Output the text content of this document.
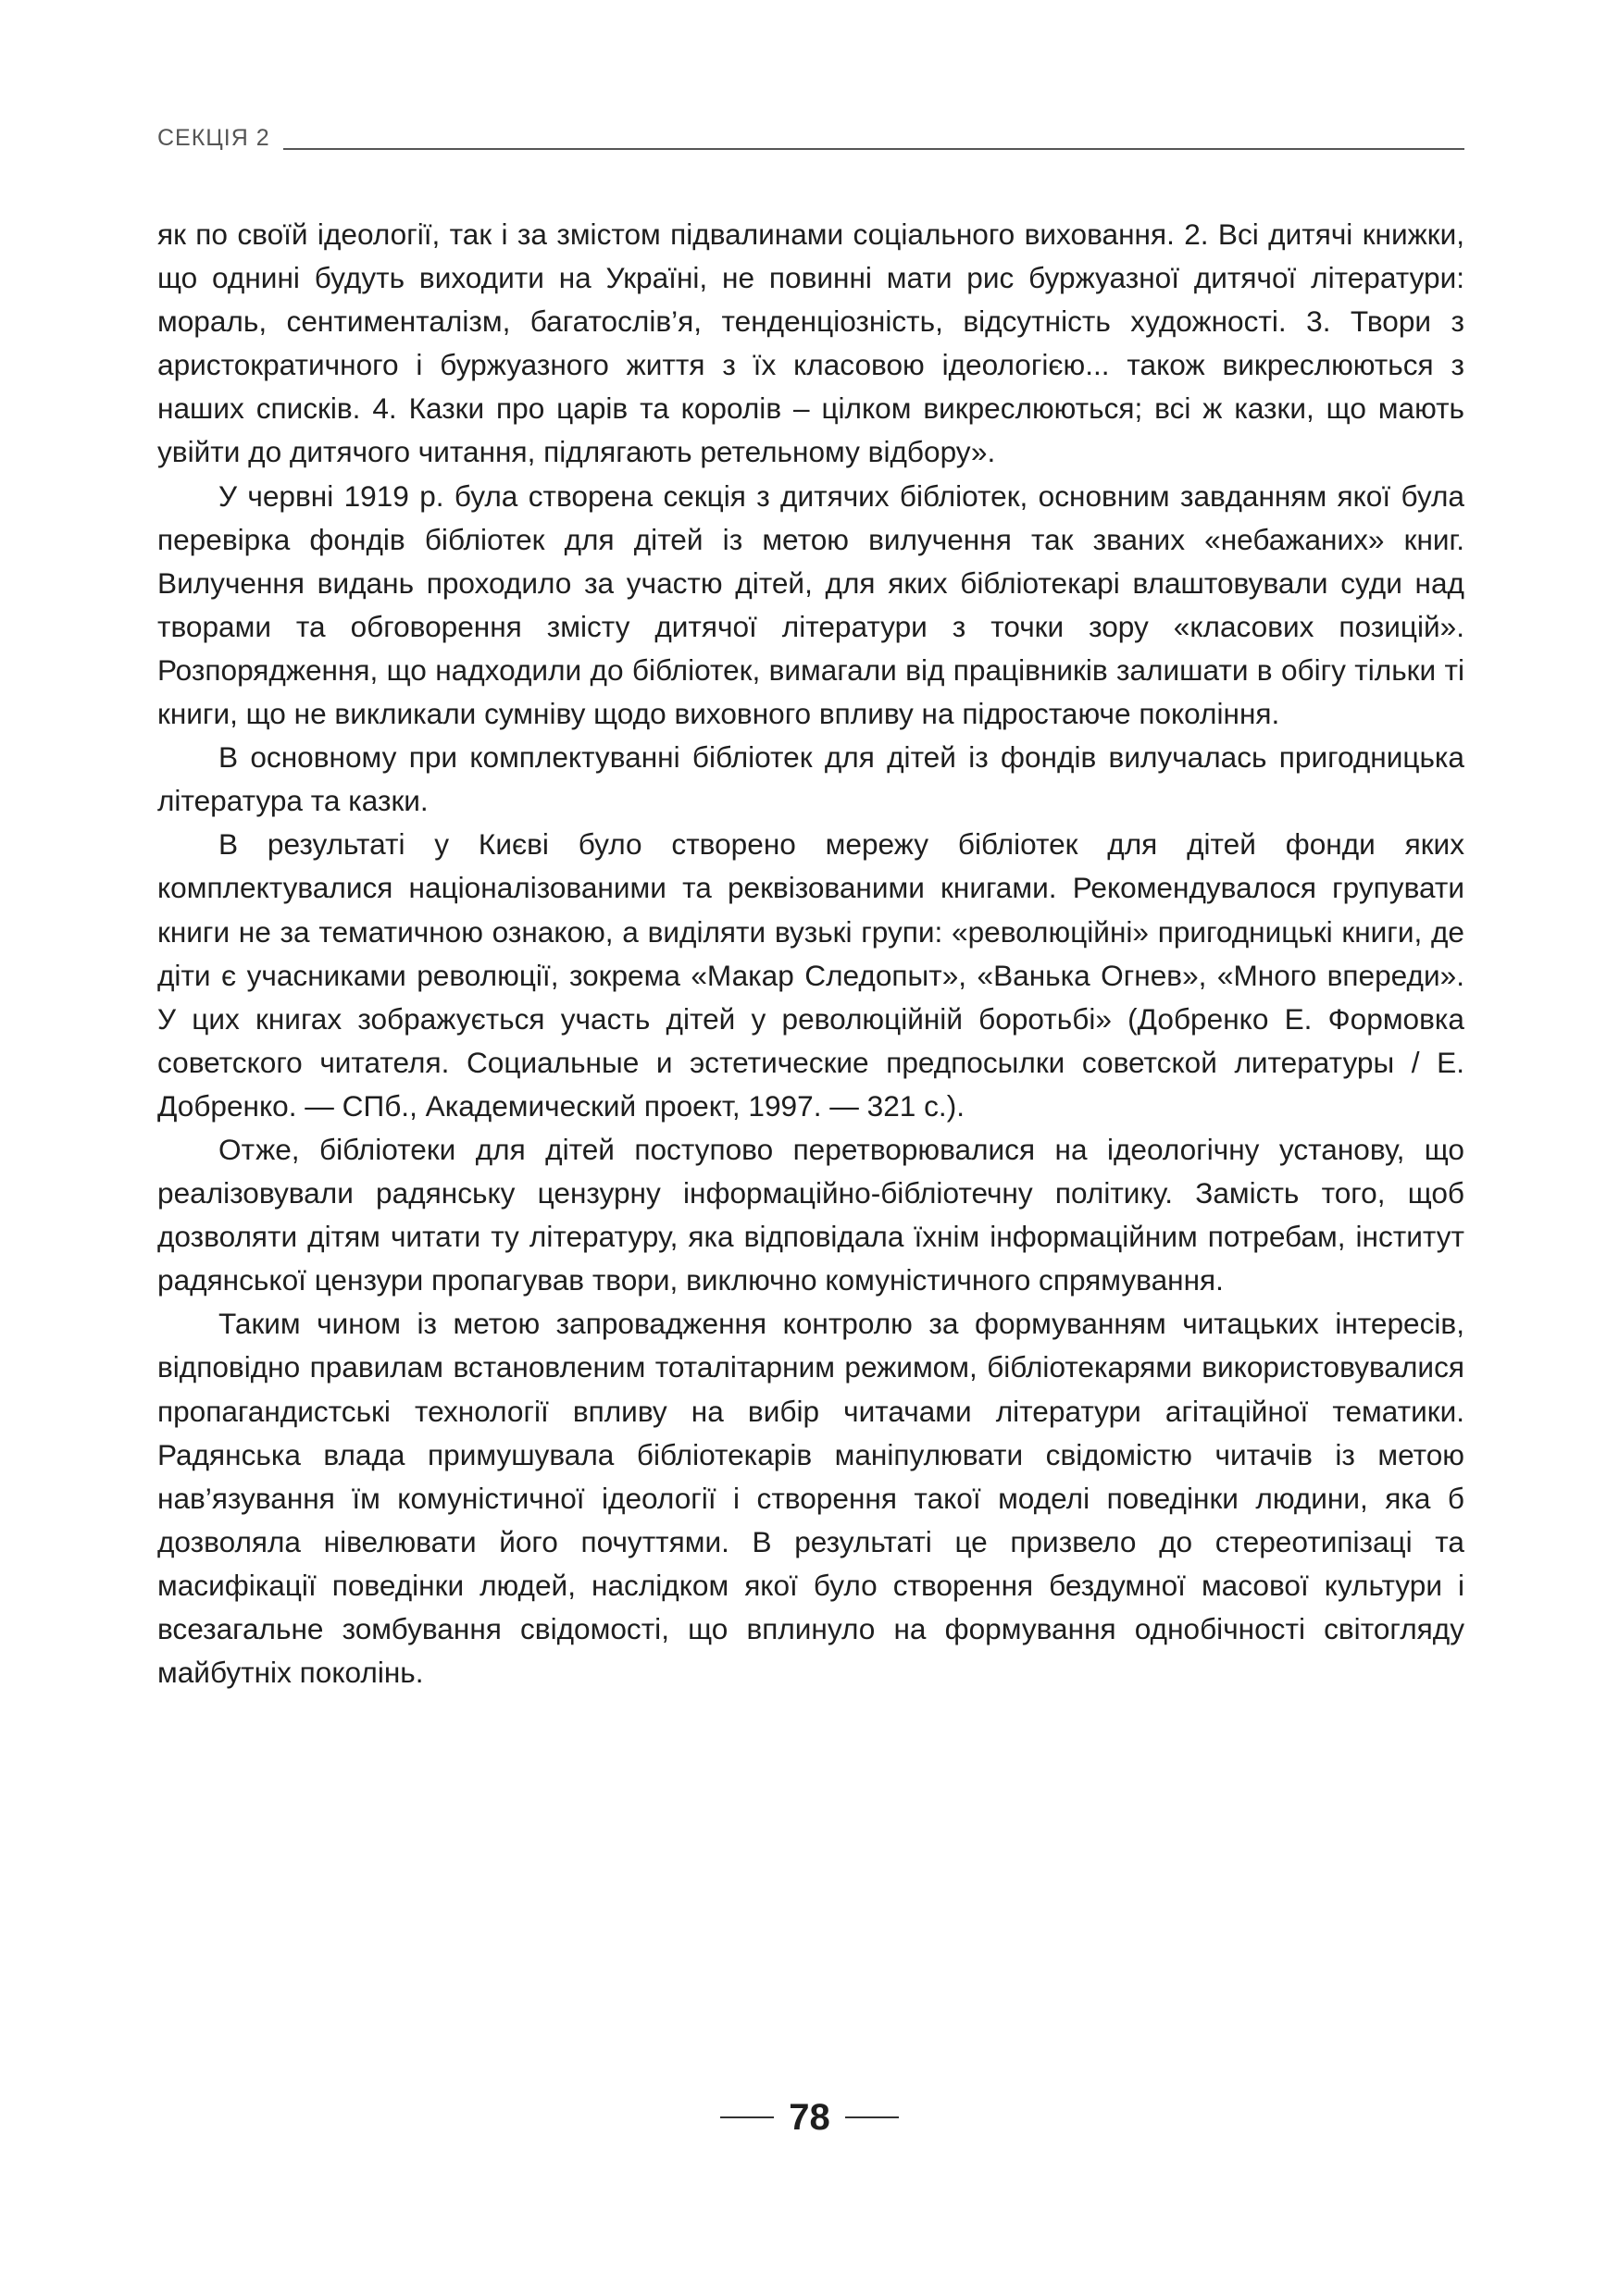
СЕКЦІЯ 2

як по своїй ідеології, так і за змістом підвалинами соціального виховання. 2. Всі дитячі книжки, що однині будуть виходити на Україні, не повинні мати рис буржуазної дитячої літератури: мораль, сентименталізм, багатослів’я, тенденціозність, відсутність художності. 3. Твори з аристократичного і буржуазного життя з їх класовою ідеологією... також викреслюються з наших списків. 4. Казки про царів та королів – цілком викреслюються; всі ж казки, що мають увійти до дитячого читання, підлягають ретельному відбору».

У червні 1919 р. була створена секція з дитячих бібліотек, основним завданням якої була перевірка фондів бібліотек для дітей із метою вилучення так званих «небажаних» книг. Вилучення видань проходило за участю дітей, для яких бібліотекарі влаштовували суди над творами та обговорення змісту дитячої літератури з точки зору «класових позицій». Розпорядження, що надходили до бібліотек, вимагали від працівників залишати в обігу тільки ті книги, що не викликали сумніву щодо виховного впливу на підростаюче покоління.

В основному при комплектуванні бібліотек для дітей із фондів вилучалась пригодницька література та казки.

В результаті у Києві було створено мережу бібліотек для дітей фонди яких комплектувалися націоналізованими та реквізованими книгами. Рекомендувалося групувати книги не за тематичною ознакою, а виділяти вузькі групи: «революційні» пригодницькі книги, де діти є учасниками революції, зокрема «Макар Следопыт», «Ванька Огнев», «Много впереди». У цих книгах зображується участь дітей у революційній боротьбі» (Добренко Е. Формовка советского читателя. Социальные и эстетические предпосылки советской литературы / Е. Добренко. — СПб., Академический проект, 1997. — 321 с.).

Отже, бібліотеки для дітей поступово перетворювалися на ідеологічну установу, що реалізовували радянську цензурну інформаційно-бібліотечну політику. Замість того, щоб дозволяти дітям читати ту літературу, яка відповідала їхнім інформаційним потребам, інститут радянської цензури пропагував твори, виключно комуністичного спрямування.

Таким чином із метою запровадження контролю за формуванням читацьких інтересів, відповідно правилам встановленим тоталітарним режимом, бібліотекарями використовувалися пропагандистські технології впливу на вибір читачами літератури агітаційної тематики. Радянська влада примушувала бібліотекарів маніпулювати свідомістю читачів із метою нав’язування їм комуністичної ідеології і створення такої моделі поведінки людини, яка б дозволяла нівелювати його почуттями. В результаті це призвело до стереотипізаці та масифікації поведінки людей, наслідком якої було створення бездумної масової культури і всезагальне зомбування свідомості, що вплинуло на формування однобічності світогляду майбутніх поколінь.

78
